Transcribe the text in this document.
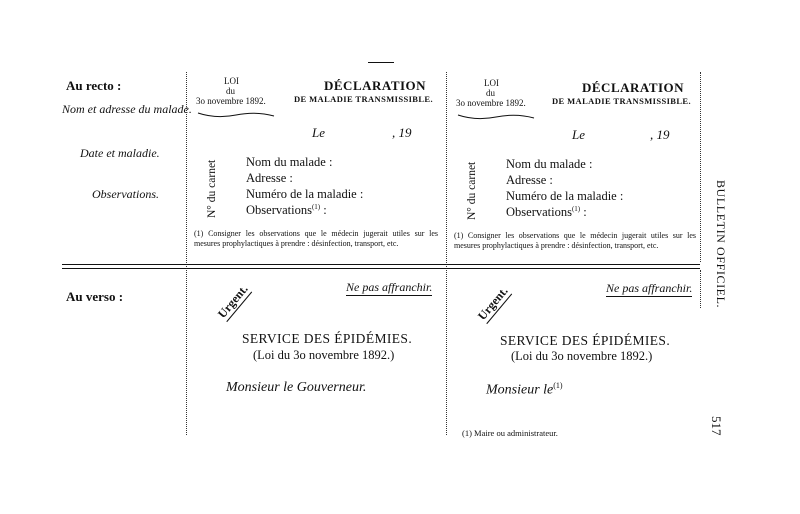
Au recto :
Nom et adresse du malade.
Date et maladie.
Observations.
LOI
du
3o novembre 1892.
DÉCLARATION
DE MALADIE TRANSMISSIBLE.
Le	, 19
N° du carnet Nom du malade :
Adresse :
Numéro de la maladie :
Observations$^{(1)}$ :
(1) Consigner les observations que le médecin jugerait utiles sur les mesures prophylactiques à prendre : désinfection, transport, etc.
LOI
du
3o novembre 1892.
DÉCLARATION
DE MALADIE TRANSMISSIBLE.
Le	, 19
N° du carnet Nom du malade :
Adresse :
Numéro de la maladie :
Observations$^{(1)}$ :
(1) Consigner les observations que le médecin jugerait utiles sur les mesures prophylactiques à prendre : désinfection, transport, etc.
Au verso :	Urgent.	Ne pas affranchir.
SERVICE DES ÉPIDÉMIES.
(Loi du 3o novembre 1892.)
Monsieur le Gouverneur.
Urgent.	Ne pas affranchir.
SERVICE DES ÉPIDÉMIES.
(Loi du 3o novembre 1892.)
Monsieur $le^{(1)}$
(1) Maire ou administrateur.
BULLETIN OFFICIEL.
517
